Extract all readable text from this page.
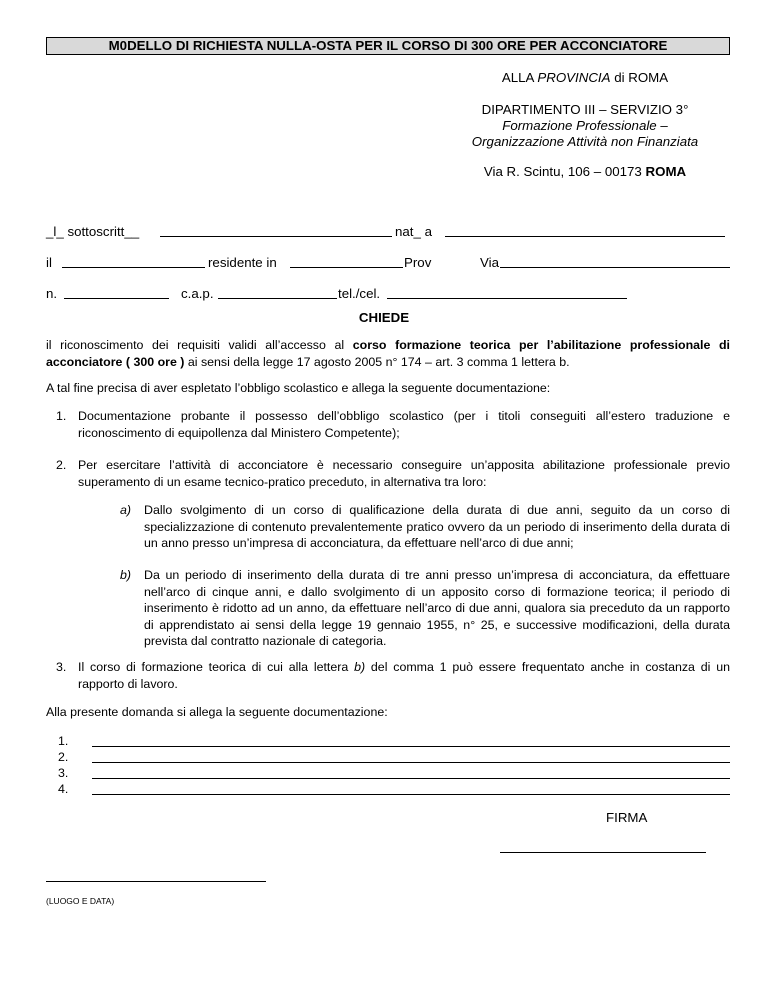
M0DELLO DI RICHIESTA NULLA-OSTA PER IL CORSO DI 300 ORE PER ACCONCIATORE
ALLA PROVINCIA di ROMA
DIPARTIMENTO III – SERVIZIO 3°
Formazione Professionale –
Organizzazione Attività non Finanziata
Via R. Scintu, 106 – 00173 ROMA
_l_ sottoscritt__	nat_ a
il	residente in	Prov	Via
n.	c.a.p.	tel./cel.
CHIEDE
il riconoscimento dei requisiti validi all’accesso al corso formazione teorica per l’abilitazione professionale di acconciatore ( 300 ore ) ai sensi della legge 17 agosto 2005 n° 174 – art. 3 comma 1 lettera b.
A tal fine precisa di aver espletato l’obbligo scolastico e allega la seguente documentazione:
1. Documentazione probante il possesso dell’obbligo scolastico (per i titoli conseguiti all’estero traduzione e riconoscimento di equipollenza dal Ministero Competente);
2. Per esercitare l’attività di acconciatore è necessario conseguire un’apposita abilitazione professionale previo superamento di un esame tecnico-pratico preceduto, in alternativa tra loro:
a) Dallo svolgimento di un corso di qualificazione della durata di due anni, seguito da un corso di specializzazione di contenuto prevalentemente pratico ovvero da un periodo di inserimento della durata di un anno presso un’impresa di acconciatura, da effettuare nell’arco di due anni;
b) Da un periodo di inserimento della durata di tre anni presso un’impresa di acconciatura, da effettuare nell’arco di cinque anni, e dallo svolgimento di un apposito corso di formazione teorica; il periodo di inserimento è ridotto ad un anno, da effettuare nell’arco di due anni, qualora sia preceduto da un rapporto di apprendistato ai sensi della legge 19 gennaio 1955, n° 25, e successive modificazioni, della durata prevista dal contratto nazionale di categoria.
3. Il corso di formazione teorica di cui alla lettera b) del comma 1 può essere frequentato anche in costanza di un rapporto di lavoro.
Alla presente domanda si allega la seguente documentazione:
1.
2.
3.
4.
FIRMA
(LUOGO E DATA)
